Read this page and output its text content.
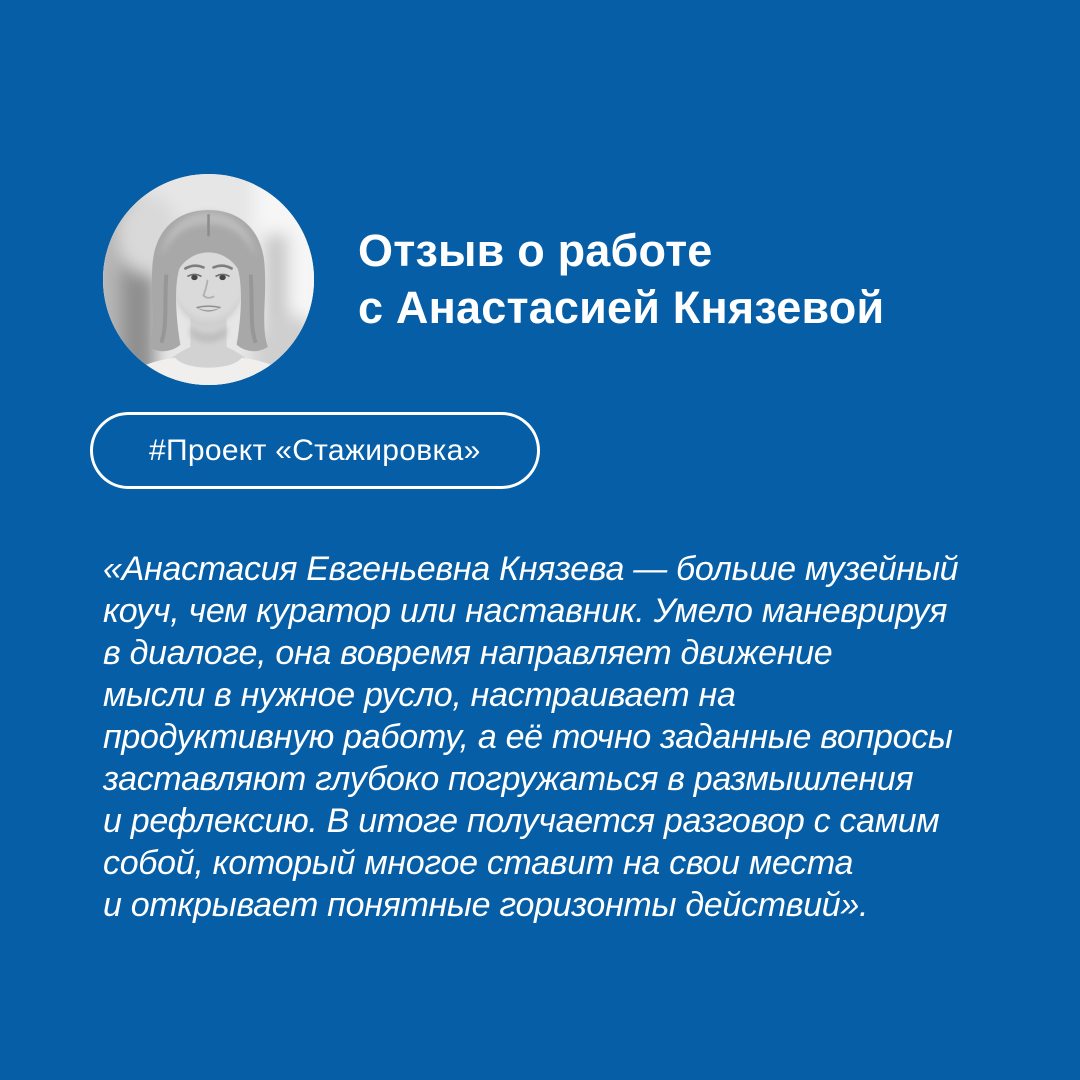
Отзыв о работе
с Анастасией Князевой
#Проект «Стажировка»
«Анастасия Евгеньевна Князева — больше музейный
коуч, чем куратор или наставник. Умело маневрируя
в диалоге, она вовремя направляет движение
мысли в нужное русло, настраивает на
продуктивную работу, а её точно заданные вопросы
заставляют глубоко погружаться в размышления
и рефлексию. В итоге получается разговор с самим
собой, который многое ставит на свои места
и открывает понятные горизонты действий».
